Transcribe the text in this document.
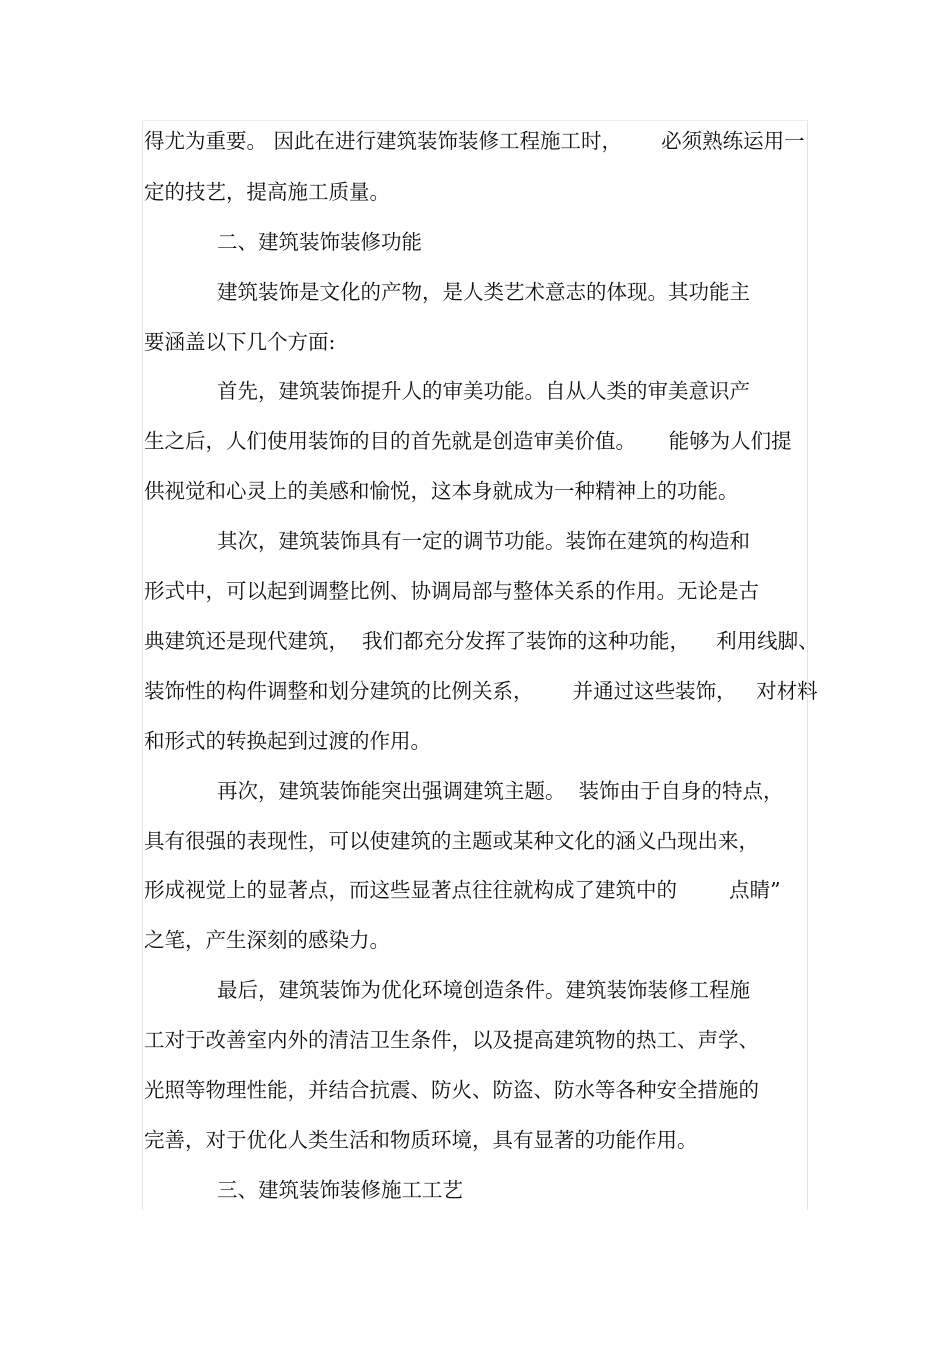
得尤为重要。 因此在进行建筑装饰装修工程施工时，      必须熟练运用一
定的技艺，提高施工质量。
二、建筑装饰装修功能
建筑装饰是文化的产物，是人类艺术意志的体现。其功能主
要涵盖以下几个方面:
首先，建筑装饰提升人的审美功能。自从人类的审美意识产
生之后，人们使用装饰的目的首先就是创造审美价值。     能够为人们提
供视觉和心灵上的美感和愉悦，这本身就成为一种精神上的功能。
其次，建筑装饰具有一定的调节功能。装饰在建筑的构造和
形式中，可以起到调整比例、协调局部与整体关系的作用。无论是古
典建筑还是现代建筑，  我们都充分发挥了装饰的这种功能，    利用线脚、
装饰性的构件调整和划分建筑的比例关系，      并通过这些装饰，   对材料
和形式的转换起到过渡的作用。
再次，建筑装饰能突出强调建筑主题。  装饰由于自身的特点，
具有很强的表现性，可以使建筑的主题或某种文化的涵义凸现出来，
形成视觉上的显著点，而这些显著点往往就构成了建筑中的        点睛”
之笔，产生深刻的感染力。
最后，建筑装饰为优化环境创造条件。建筑装饰装修工程施
工对于改善室内外的清洁卫生条件，以及提高建筑物的热工、声学、
光照等物理性能，并结合抗震、防火、防盗、防水等各种安全措施的
完善，对于优化人类生活和物质环境，具有显著的功能作用。
三、建筑装饰装修施工工艺
